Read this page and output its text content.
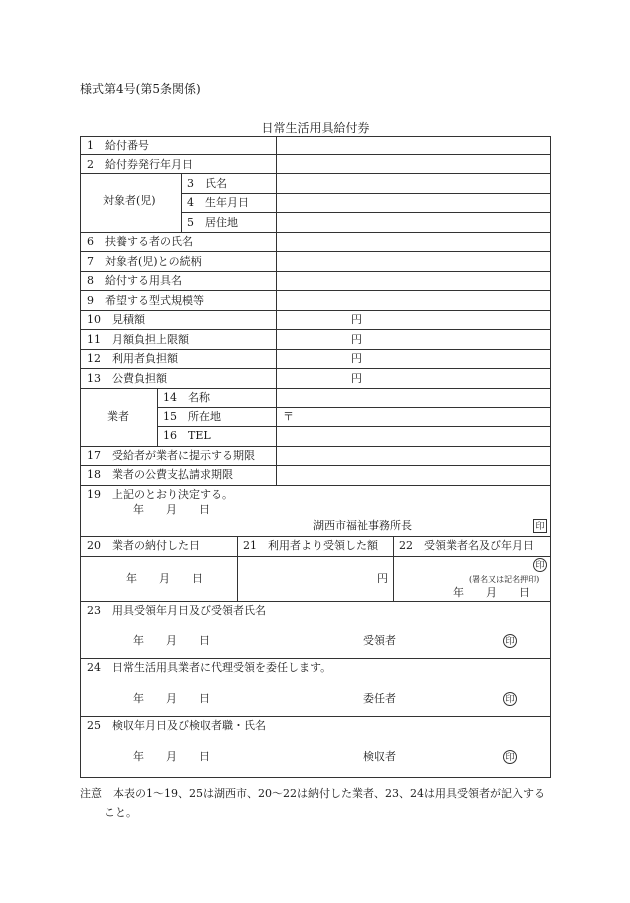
様式第4号(第5条関係)
日常生活用具給付券
1　給付番号
2　給付券発行年月日
対象者(児)
3　氏名
4　生年月日
5　居住地
6　扶養する者の氏名
7　対象者(児)との続柄
8　給付する用具名
9　希望する型式規模等
10　見積額	円
11　月額負担上限額	円
12　利用者負担額	円
13　公費負担額	円
業者
14　名称
15　所在地	〒
16　TEL
17　受給者が業者に提示する期限
18　業者の公費支払請求期限
19　上記のとおり決定する。
年　　月　　日
湖西市福祉事務所長	印
20　業者の納付した日	21　利用者より受領した額 22　受領業者名及び年月日
年　　月　　日	円
印
(署名又は記名押印)
年　　月　　日
23　用具受領年月日及び受領者氏名
年　　月　　日	受領者	印
24　日常生活用具業者に代理受領を委任します。
年　　月　　日	委任者	印
25　検収年月日及び検収者職・氏名
年　　月　　日	検収者	印
注意　本表の1～19、25は湖西市、20～22は納付した業者、23、24は用具受領者が記入する
こと。
